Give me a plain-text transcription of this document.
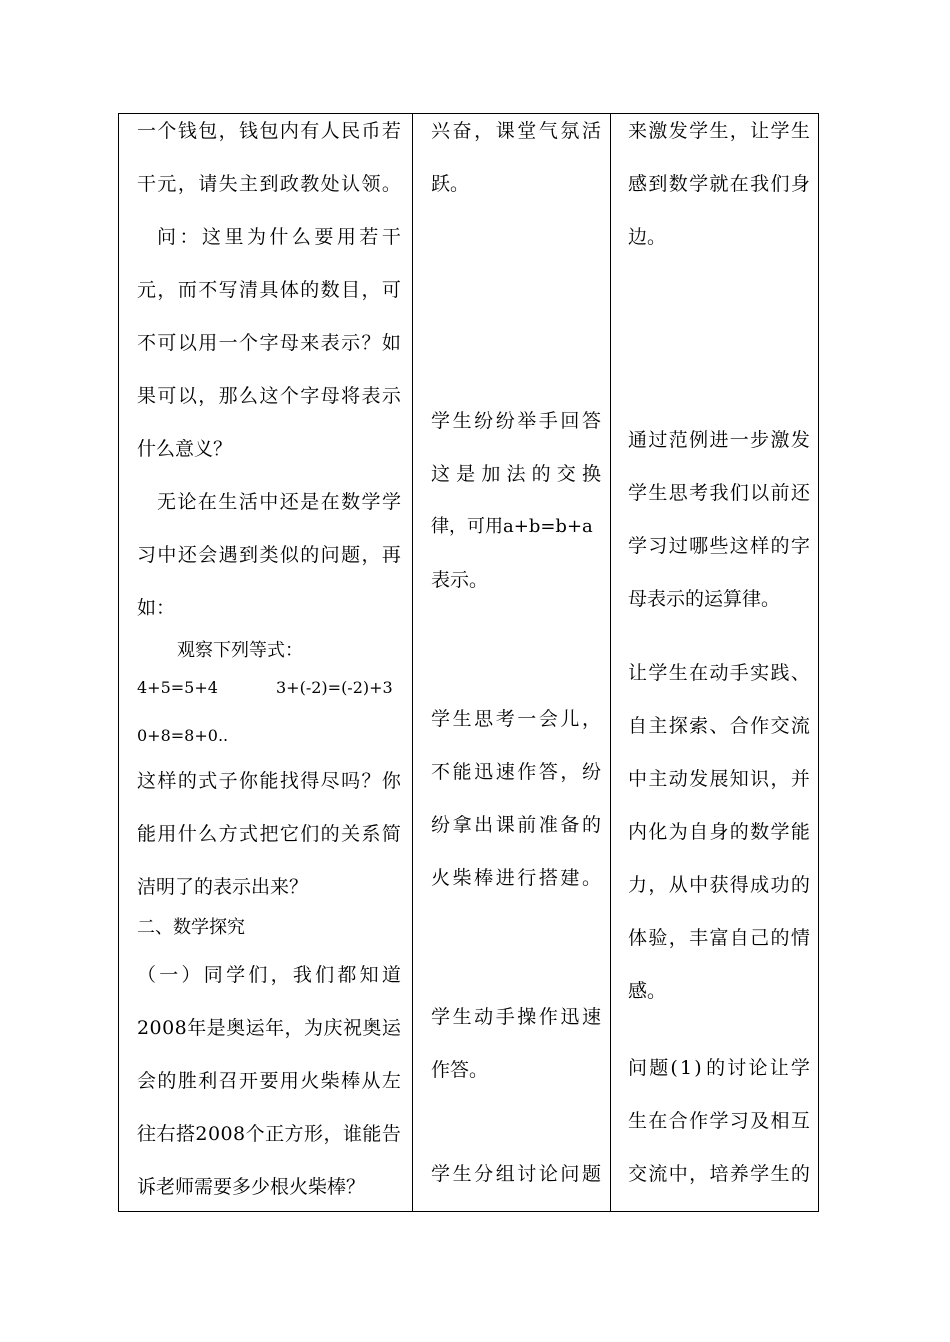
一 个 钱 包 ， 钱 包 内 有 人 民 币 若
干 元 ， 请 失 主 到 政 教 处 认 领 。
问 ： 这 里 为 什 么 要 用 若 干
元 ， 而 不 写 清 具 体 的 数 目 ， 可
不 可 以 用 一 个 字 母 来 表 示 ？ 如
果 可 以 ， 那 么 这 个 字 母 将 表 示
什么意义？
无 论 在 生 活 中 还 是 在 数 学 学
习 中 还 会 遇 到 类 似 的 问 题 ， 再
如：
观察下列等式：
4+5=5+4	3+(-2)=(-2)+3
0+8=8+0..
这 样 的 式 子 你 能 找 得 尽 吗 ？ 你
能 用 什 么 方 式 把 它 们 的 关 系 简
洁明了的表示出来？
二、数学探究
（ 一 ） 同 学 们 ， 我 们 都 知 道
2 0 0 8 年 是 奥 运 年 ， 为 庆 祝 奥 运
会 的 胜 利 召 开 要 用 火 柴 棒 从 左
往 右 搭 2 0 0 8 个 正 方 形 ， 谁 能 告
诉老师需要多少根火柴棒？
兴 奋 ， 课 堂 气 氛 活
跃。
学 生 纷 纷 举 手 回 答
这 是 加 法 的 交 换
律，可用a+b=b+a
表示。
学 生 思 考 一 会 儿 ，
不 能 迅 速 作 答 ， 纷
纷 拿 出 课 前 准 备 的
火 柴 棒 进 行 搭 建 。
学 生 动 手 操 作 迅 速
作答。
学 生 分 组 讨 论 问 题
来 激 发 学 生 ， 让 学 生
感 到 数 学 就 在 我 们 身
边。
通 过 范 例 进 一 步 激 发
学 生 思 考 我 们 以 前 还
学 习 过 哪 些 这 样 的 字
母表示的运算律。
让 学 生 在 动 手 实 践 、
自 主 探 索 、 合 作 交 流
中 主 动 发 展 知 识 ， 并
内 化 为 自 身 的 数 学 能
力 ， 从 中 获 得 成 功 的
体 验 ， 丰 富 自 己 的 情
感。
问 题 ( 1 ) 的 讨 论 让 学
生 在 合 作 学 习 及 相 互
交 流 中 ， 培 养 学 生 的
